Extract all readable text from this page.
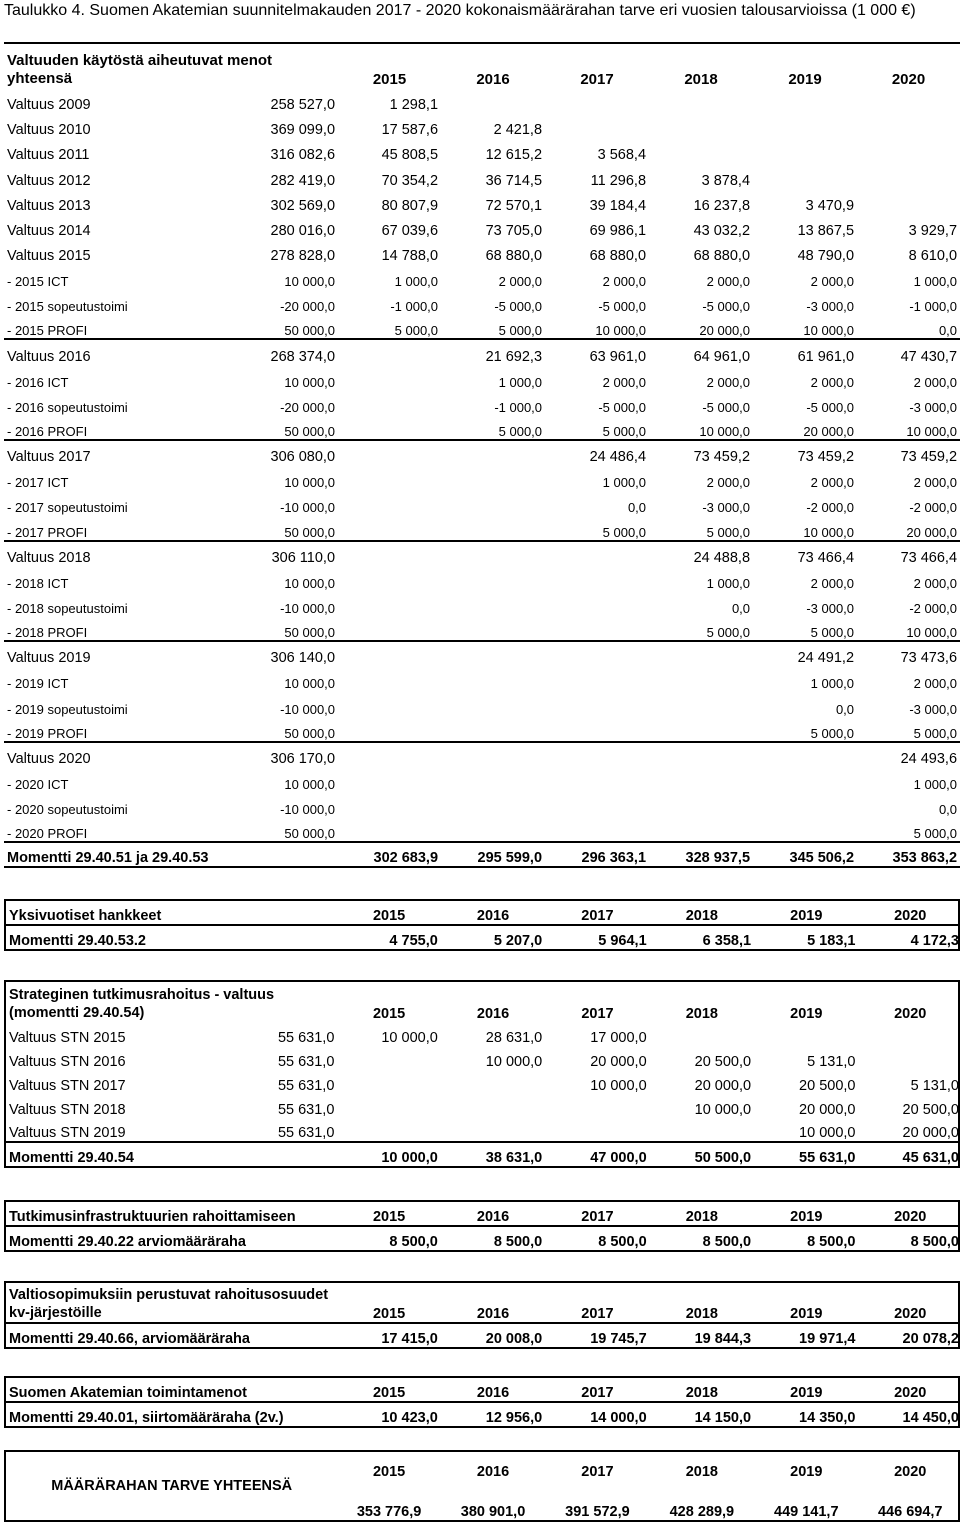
Taulukko 4. Suomen Akatemian suunnitelmakauden 2017 - 2020 kokonaismäärärahan tarve eri vuosien talousarvioissa (1 000 €)
Valtuuden käytöstä aiheutuvat menot yhteensä		2015	2016	2017	2018	2019	2020
Valtuus 2009	258 527,0	1 298,1					
Valtuus 2010	369 099,0	17 587,6	2 421,8				
Valtuus 2011	316 082,6	45 808,5	12 615,2	3 568,4			
Valtuus 2012	282 419,0	70 354,2	36 714,5	11 296,8	3 878,4		
Valtuus 2013	302 569,0	80 807,9	72 570,1	39 184,4	16 237,8	3 470,9	
Valtuus 2014	280 016,0	67 039,6	73 705,0	69 986,1	43 032,2	13 867,5	3 929,7
Valtuus 2015	278 828,0	14 788,0	68 880,0	68 880,0	68 880,0	48 790,0	8 610,0
- 2015 ICT	10 000,0	1 000,0	2 000,0	2 000,0	2 000,0	2 000,0	1 000,0
- 2015 sopeutustoimi	-20 000,0	-1 000,0	-5 000,0	-5 000,0	-5 000,0	-3 000,0	-1 000,0
- 2015 PROFI	50 000,0	5 000,0	5 000,0	10 000,0	20 000,0	10 000,0	0,0
Valtuus 2016	268 374,0		21 692,3	63 961,0	64 961,0	61 961,0	47 430,7
- 2016 ICT	10 000,0		1 000,0	2 000,0	2 000,0	2 000,0	2 000,0
- 2016 sopeutustoimi	-20 000,0		-1 000,0	-5 000,0	-5 000,0	-5 000,0	-3 000,0
- 2016 PROFI	50 000,0		5 000,0	5 000,0	10 000,0	20 000,0	10 000,0
Valtuus 2017	306 080,0			24 486,4	73 459,2	73 459,2	73 459,2
- 2017 ICT	10 000,0			1 000,0	2 000,0	2 000,0	2 000,0
- 2017 sopeutustoimi	-10 000,0			0,0	-3 000,0	-2 000,0	-2 000,0
- 2017 PROFI	50 000,0			5 000,0	5 000,0	10 000,0	20 000,0
Valtuus 2018	306 110,0				24 488,8	73 466,4	73 466,4
- 2018 ICT	10 000,0				1 000,0	2 000,0	2 000,0
- 2018 sopeutustoimi	-10 000,0				0,0	-3 000,0	-2 000,0
- 2018 PROFI	50 000,0				5 000,0	5 000,0	10 000,0
Valtuus 2019	306 140,0					24 491,2	73 473,6
- 2019 ICT	10 000,0					1 000,0	2 000,0
- 2019 sopeutustoimi	-10 000,0					0,0	-3 000,0
- 2019 PROFI	50 000,0					5 000,0	5 000,0
Valtuus 2020	306 170,0						24 493,6
- 2020 ICT	10 000,0						1 000,0
- 2020 sopeutustoimi	-10 000,0						0,0
- 2020 PROFI	50 000,0						5 000,0
Momentti 29.40.51 ja 29.40.53		302 683,9	295 599,0	296 363,1	328 937,5	345 506,2	353 863,2
Yksivuotiset hankkeet	2015	2016	2017	2018	2019	2020
Momentti 29.40.53.2	4 755,0	5 207,0	5 964,1	6 358,1	5 183,1	4 172,3
Strateginen tutkimusrahoitus - valtuus (momentti 29.40.54)		2015	2016	2017	2018	2019	2020
Valtuus STN 2015	55 631,0	10 000,0	28 631,0	17 000,0			
Valtuus STN 2016	55 631,0		10 000,0	20 000,0	20 500,0	5 131,0	
Valtuus STN 2017	55 631,0			10 000,0	20 000,0	20 500,0	5 131,0
Valtuus STN 2018	55 631,0				10 000,0	20 000,0	20 500,0
Valtuus STN 2019	55 631,0					10 000,0	20 000,0
Momentti 29.40.54		10 000,0	38 631,0	47 000,0	50 500,0	55 631,0	45 631,0
Tutkimusinfrastruktuurien rahoittamiseen	2015	2016	2017	2018	2019	2020
Momentti 29.40.22 arviomääräraha	8 500,0	8 500,0	8 500,0	8 500,0	8 500,0	8 500,0
Valtiosopimuksiin perustuvat rahoitusosuudet kv-järjestöille	2015	2016	2017	2018	2019	2020
Momentti 29.40.66, arviomääräraha	17 415,0	20 008,0	19 745,7	19 844,3	19 971,4	20 078,2
Suomen Akatemian toimintamenot	2015	2016	2017	2018	2019	2020
Momentti 29.40.01, siirtomääräraha (2v.)	10 423,0	12 956,0	14 000,0	14 150,0	14 350,0	14 450,0
MÄÄRÄRAHAN TARVE YHTEENSÄ	2015	2016	2017	2018	2019	2020
	353 776,9	380 901,0	391 572,9	428 289,9	449 141,7	446 694,7
